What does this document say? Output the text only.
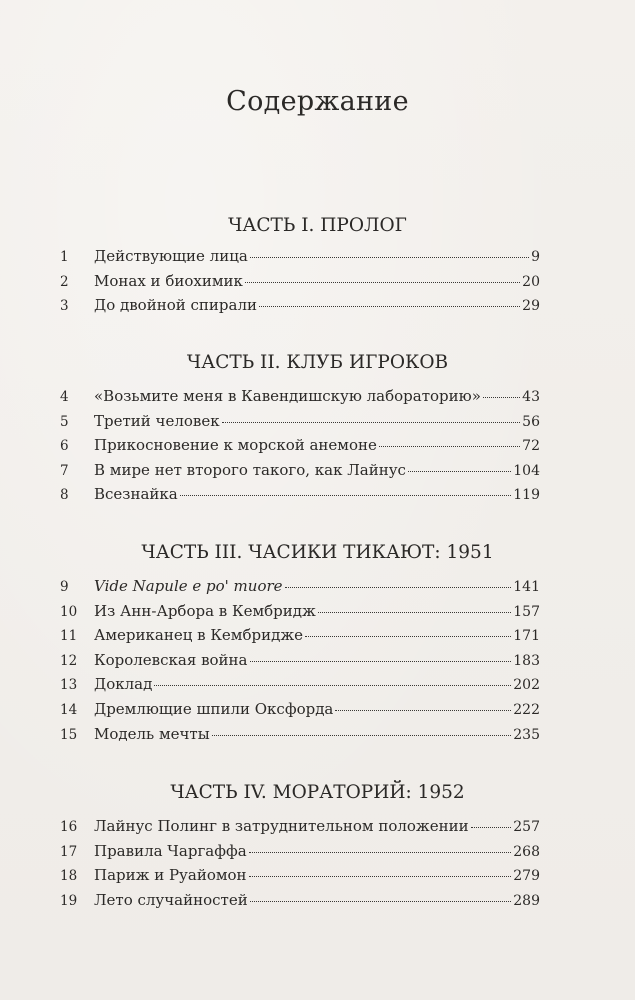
Содержание
ЧАСТЬ I. ПРОЛОГ
1	Действующие лица	9
2	Монах и биохимик	20
3	До двойной спирали	29
ЧАСТЬ II. КЛУБ ИГРОКОВ
4	«Возьмите меня в Кавендишскую лабораторию»	43
5	Третий человек	56
6	Прикосновение к морской анемоне	72
7	В мире нет второго такого, как Лайнус	104
8	Всезнайка	119
ЧАСТЬ III. ЧАСИКИ ТИКАЮТ: 1951
9	Vide Napule e po' muore	141
10	Из Анн-Арбора в Кембридж	157
11	Американец в Кембридже	171
12	Королевская война	183
13	Доклад	202
14	Дремлющие шпили Оксфорда	222
15	Модель мечты	235
ЧАСТЬ IV. МОРАТОРИЙ: 1952
16	Лайнус Полинг в затруднительном положении	257
17	Правила Чаргаффа	268
18	Париж и Руайомон	279
19	Лето случайностей	289
